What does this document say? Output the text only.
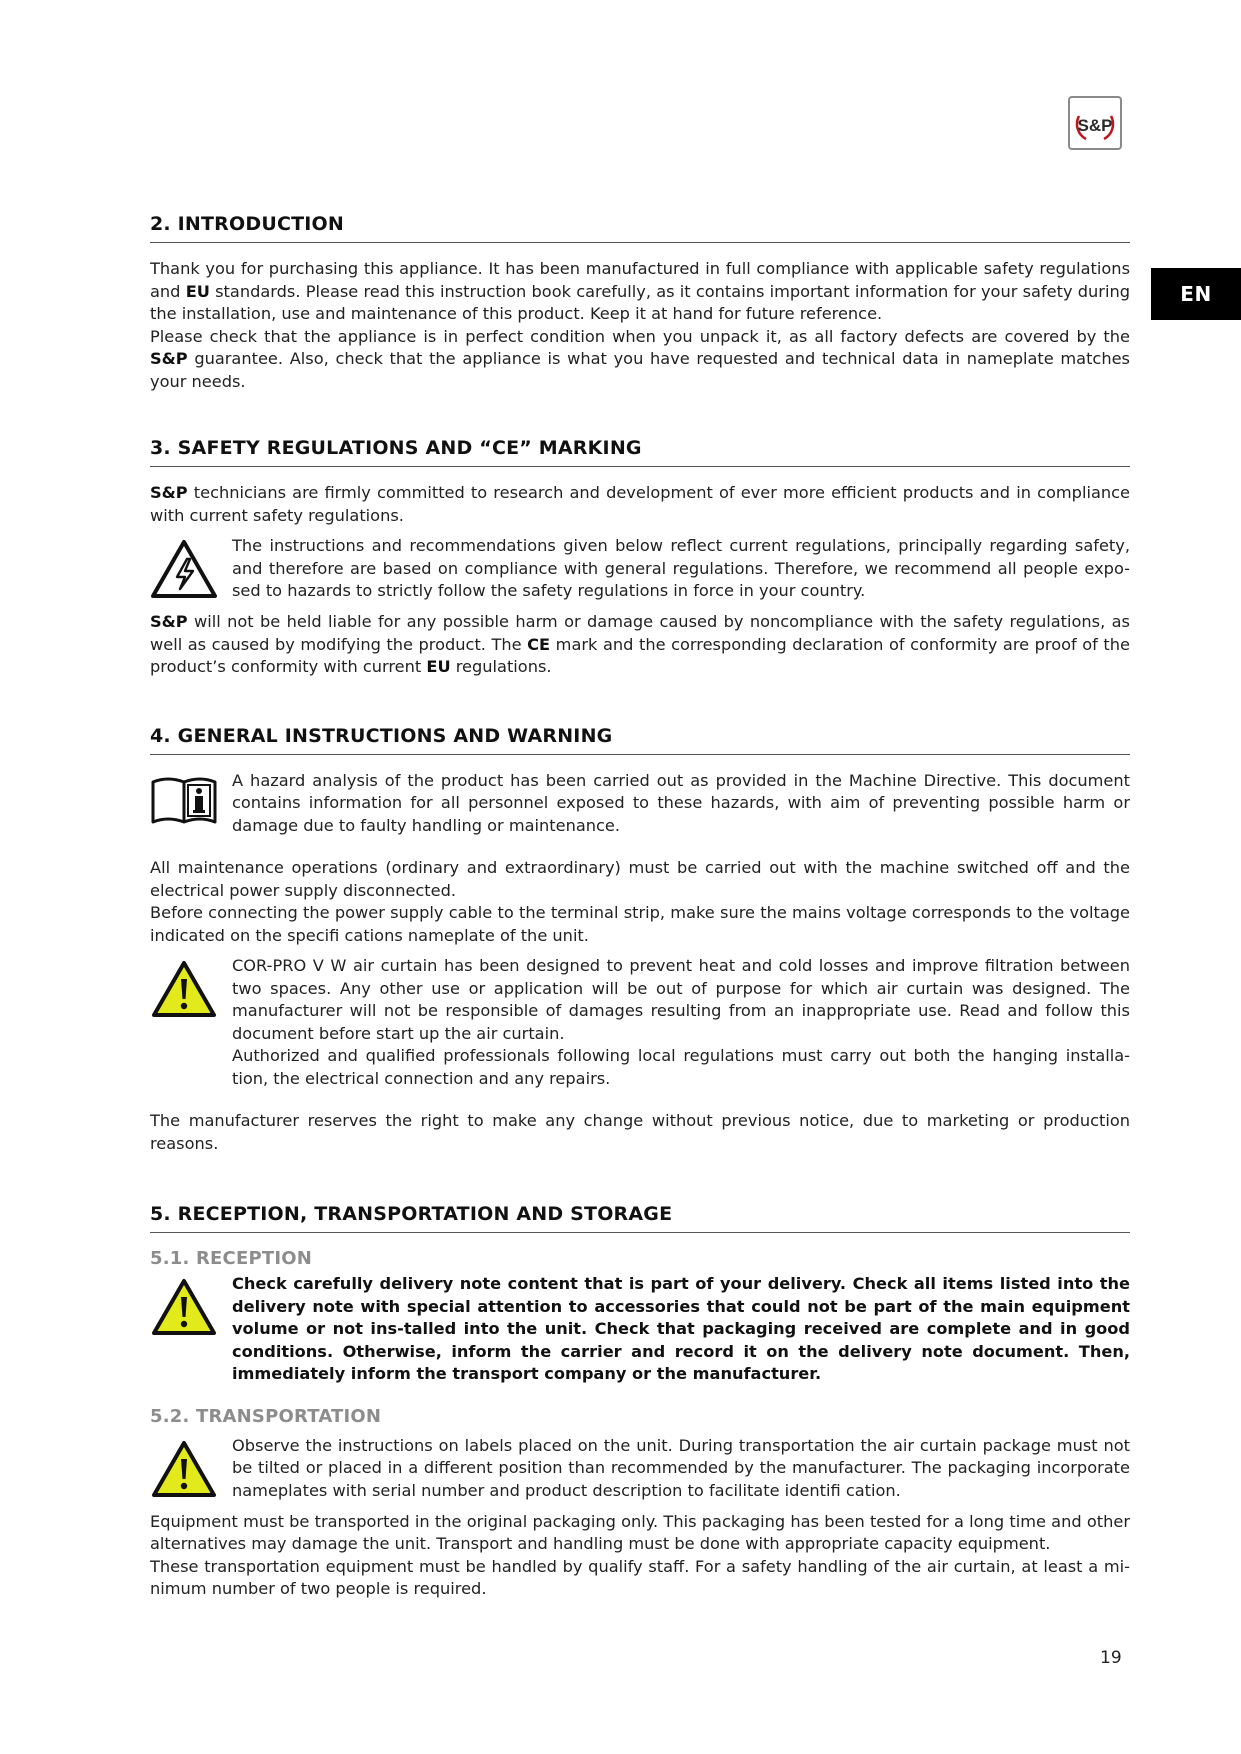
S&P
EN
2. INTRODUCTION

Thank you for purchasing this appliance. It has been manufactured in full compliance with applicable safety regulations and EU standards. Please read this instruction book carefully, as it contains important information for your safety during the installation, use and maintenance of this product. Keep it at hand for future reference.

Please check that the appliance is in perfect condition when you unpack it, as all factory defects are covered by the S&P guarantee. Also, check that the appliance is what you have requested and technical data in nameplate matches your needs.

3. SAFETY REGULATIONS AND “CE” MARKING

S&P technicians are firmly committed to research and development of ever more efficient products and in compliance with current safety regulations.

The instructions and recommendations given below reflect current regulations, principally regarding safety, and therefore are based on compliance with general regulations. Therefore, we recommend all people expo-sed to hazards to strictly follow the safety regulations in force in your country.

S&P will not be held liable for any possible harm or damage caused by noncompliance with the safety regulations, as well as caused by modifying the product. The CE mark and the corresponding declaration of conformity are proof of the product’s conformity with current EU regulations.

4. GENERAL INSTRUCTIONS AND WARNING

A hazard analysis of the product has been carried out as provided in the Machine Directive. This document contains information for all personnel exposed to these hazards, with aim of preventing possible harm or damage due to faulty handling or maintenance.

All maintenance operations (ordinary and extraordinary) must be carried out with the machine switched off and the electrical power supply disconnected.

Before connecting the power supply cable to the terminal strip, make sure the mains voltage corresponds to the voltage indicated on the specifi cations nameplate of the unit.

COR-PRO V W air curtain has been designed to prevent heat and cold losses and improve filtration between two spaces. Any other use or application will be out of purpose for which air curtain was designed. The manufacturer will not be responsible of damages resulting from an inappropriate use. Read and follow this document before start up the air curtain.

Authorized and qualified professionals following local regulations must carry out both the hanging installa-tion, the electrical connection and any repairs.

The manufacturer reserves the right to make any change without previous notice, due to marketing or production reasons.

5. RECEPTION, TRANSPORTATION AND STORAGE
5.1. RECEPTION

Check carefully delivery note content that is part of your delivery. Check all items listed into the delivery note with special attention to accessories that could not be part of the main equipment volume or not ins-talled into the unit. Check that packaging received are complete and in good conditions. Otherwise, inform the carrier and record it on the delivery note document. Then, immediately inform the transport company or the manufacturer.

5.2. TRANSPORTATION

Observe the instructions on labels placed on the unit. During transportation the air curtain package must not be tilted or placed in a different position than recommended by the manufacturer. The packaging incorporate nameplates with serial number and product description to facilitate identifi cation.

Equipment must be transported in the original packaging only. This packaging has been tested for a long time and other alternatives may damage the unit. Transport and handling must be done with appropriate capacity equipment.

These transportation equipment must be handled by qualify staff. For a safety handling of the air curtain, at least a mi-nimum number of two people is required.

19
